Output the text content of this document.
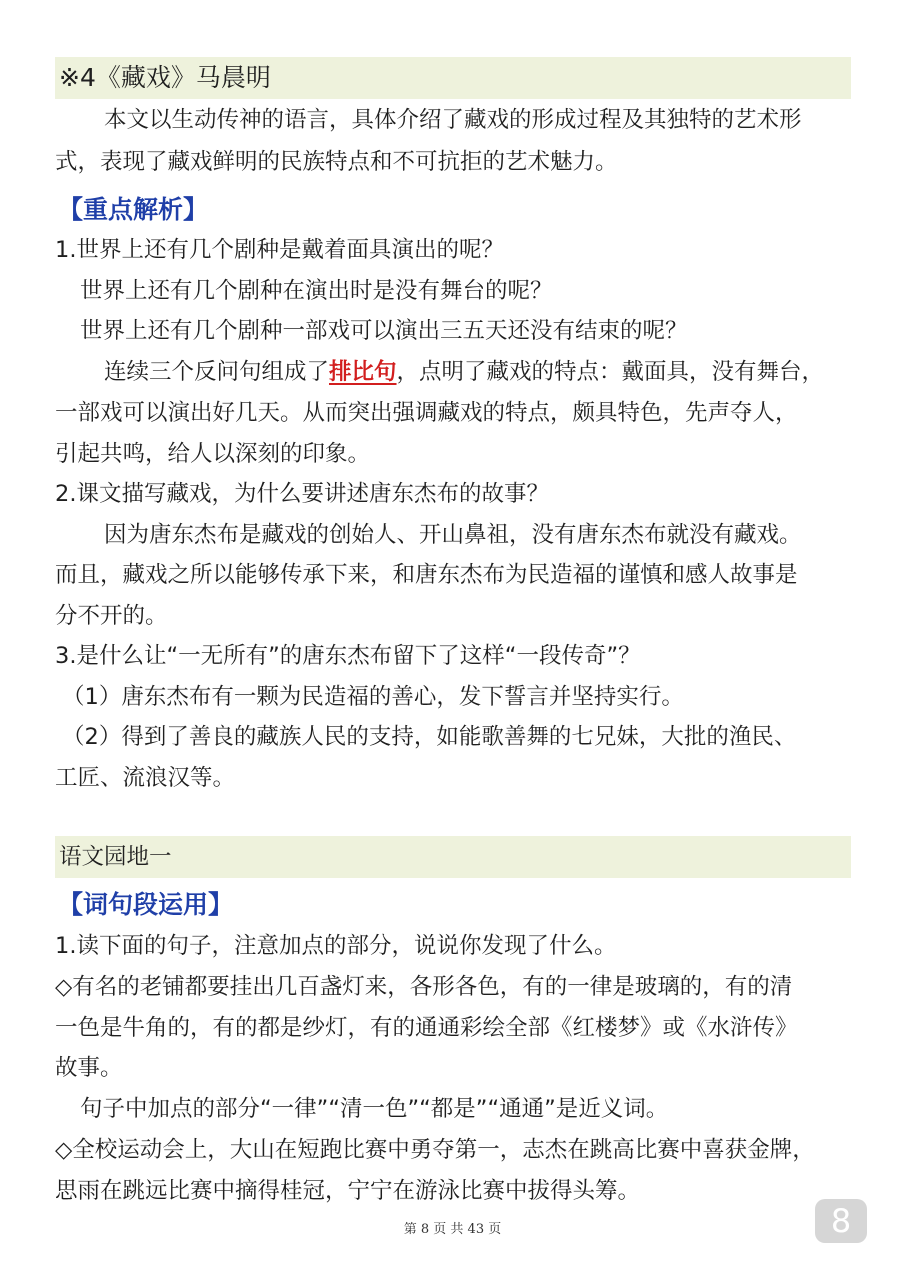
※4《藏戏》马晨明
本文以生动传神的语言，具体介绍了藏戏的形成过程及其独特的艺术形
式，表现了藏戏鲜明的民族特点和不可抗拒的艺术魅力。
【重点解析】
1.世界上还有几个剧种是戴着面具演出的呢？
世界上还有几个剧种在演出时是没有舞台的呢？
世界上还有几个剧种一部戏可以演出三五天还没有结束的呢？
连续三个反问句组成了排比句，点明了藏戏的特点：戴面具，没有舞台，
一部戏可以演出好几天。从而突出强调藏戏的特点，颇具特色，先声夺人，
引起共鸣，给人以深刻的印象。
2.课文描写藏戏，为什么要讲述唐东杰布的故事？
因为唐东杰布是藏戏的创始人、开山鼻祖，没有唐东杰布就没有藏戏。
而且，藏戏之所以能够传承下来，和唐东杰布为民造福的谨慎和感人故事是
分不开的。
3.是什么让“一无所有”的唐东杰布留下了这样“一段传奇”？
（1）唐东杰布有一颗为民造福的善心，发下誓言并坚持实行。
（2）得到了善良的藏族人民的支持，如能歌善舞的七兄妹，大批的渔民、
工匠、流浪汉等。
语文园地一
【词句段运用】
1.读下面的句子，注意加点的部分，说说你发现了什么。
◇有名的老铺都要挂出几百盏灯来，各形各色，有的一律是玻璃的，有的清
一色是牛角的，有的都是纱灯，有的通通彩绘全部《红楼梦》或《水浒传》
故事。
句子中加点的部分“一律”“清一色”“都是”“通通”是近义词。
◇全校运动会上，大山在短跑比赛中勇夺第一，志杰在跳高比赛中喜获金牌，
思雨在跳远比赛中摘得桂冠，宁宁在游泳比赛中拔得头筹。
第 8 页 共 43 页	8
